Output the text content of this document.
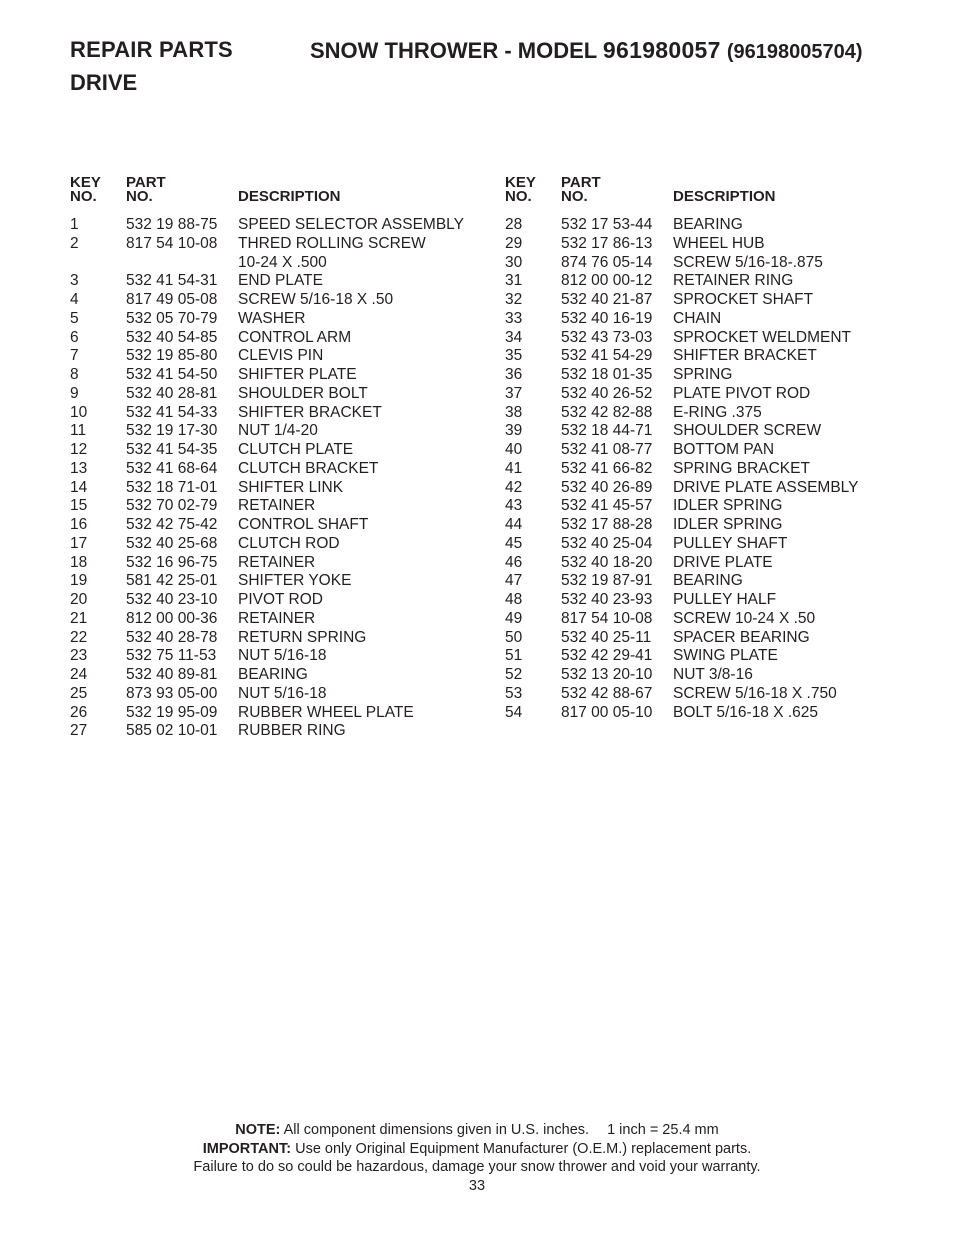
REPAIR PARTS	SNOW THROWER - MODEL 961980057 (96198005704)
DRIVE
KEY
NO.
PART
NO.	DESCRIPTION
1	532 19 88-75 SPEED SELECTOR ASSEMBLY
2	817 54 10-08 THRED ROLLING SCREW
10-24 X .500
3	532 41 54-31 END PLATE
4	817 49 05-08 SCREW 5/16-18 X .50
5	532 05 70-79 WASHER
6	532 40 54-85 CONTROL ARM
7	532 19 85-80 CLEVIS PIN
8	532 41 54-50 SHIFTER PLATE
9	532 40 28-81 SHOULDER BOLT
10	532 41 54-33 SHIFTER BRACKET
11	532 19 17-30 NUT 1/4-20
12	532 41 54-35 CLUTCH PLATE
13	532 41 68-64 CLUTCH BRACKET
14	532 18 71-01 SHIFTER LINK
15	532 70 02-79 RETAINER
16	532 42 75-42 CONTROL SHAFT
17	532 40 25-68 CLUTCH ROD
18	532 16 96-75 RETAINER
19	581 42 25-01 SHIFTER YOKE
20	532 40 23-10 PIVOT ROD
21	812 00 00-36 RETAINER
22	532 40 28-78 RETURN SPRING
23	532 75 11-53 NUT 5/16-18
24	532 40 89-81 BEARING
25	873 93 05-00 NUT 5/16-18
26	532 19 95-09 RUBBER WHEEL PLATE
27	585 02 10-01 RUBBER RING
KEY
NO.
PART
NO.	DESCRIPTION
28	532 17 53-44 BEARING
29	532 17 86-13 WHEEL HUB
30	874 76 05-14 SCREW 5/16-18-.875
31	812 00 00-12 RETAINER RING
32	532 40 21-87 SPROCKET SHAFT
33	532 40 16-19 CHAIN
34	532 43 73-03 SPROCKET WELDMENT
35	532 41 54-29 SHIFTER BRACKET
36	532 18 01-35 SPRING
37	532 40 26-52 PLATE PIVOT ROD
38	532 42 82-88 E-RING .375
39	532 18 44-71 SHOULDER SCREW
40	532 41 08-77 BOTTOM PAN
41	532 41 66-82 SPRING BRACKET
42	532 40 26-89 DRIVE PLATE ASSEMBLY
43	532 41 45-57 IDLER SPRING
44	532 17 88-28 IDLER SPRING
45	532 40 25-04 PULLEY SHAFT
46	532 40 18-20 DRIVE PLATE
47	532 19 87-91 BEARING
48	532 40 23-93 PULLEY HALF
49	817 54 10-08 SCREW 10-24 X .50
50	532 40 25-11 SPACER BEARING
51	532 42 29-41 SWING PLATE
52	532 13 20-10 NUT 3/8-16
53	532 42 88-67 SCREW 5/16-18 X .750
54	817 00 05-10 BOLT 5/16-18 X .625
NOTE: All component dimensions given in U.S. inches. 1 inch = 25.4 mm
IMPORTANT: Use only Original Equipment Manufacturer (O.E.M.) replacement parts.
Failure to do so could be hazardous, damage your snow thrower and void your warranty.
33
